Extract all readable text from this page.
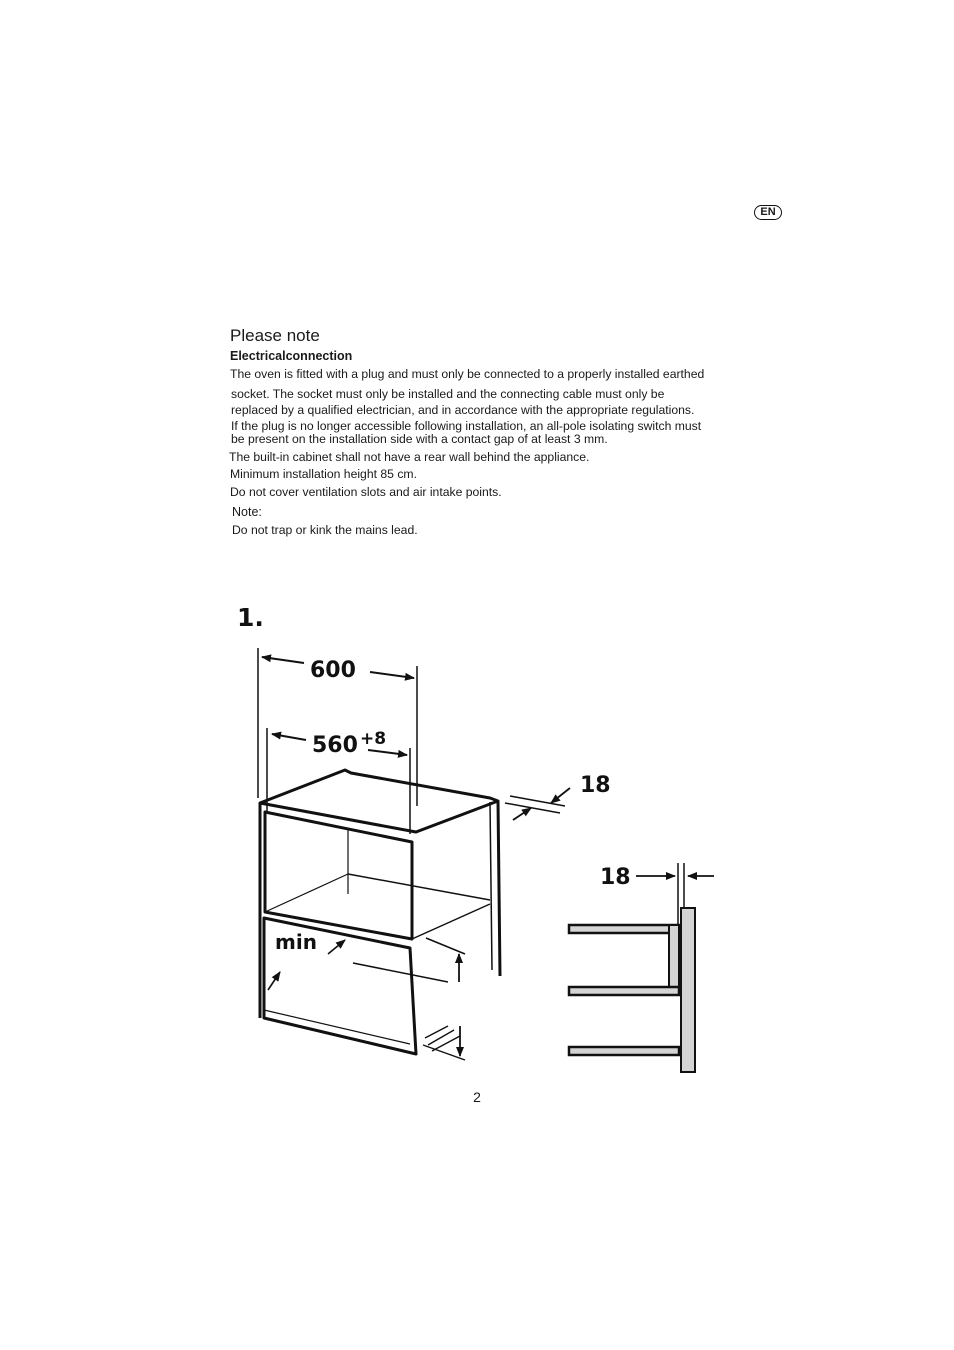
EN
Please note
Electricalconnection

The oven is fitted with a plug and must only be connected to a properly installed earthed

socket. The socket must only be installed and the connecting cable must only be

replaced by a qualified electrician, and in accordance with the appropriate regulations.

If the plug is no longer accessible following installation, an all-pole isolating switch must

be present on the installation side with a contact gap of at least 3 mm.

The built-in cabinet shall not have a rear wall behind the appliance.

Minimum installation height 85 cm.

Do not cover ventilation slots and air intake points.

Note:

Do not trap or kink the mains lead.

1.
600
560 +8
min
18
18
2
